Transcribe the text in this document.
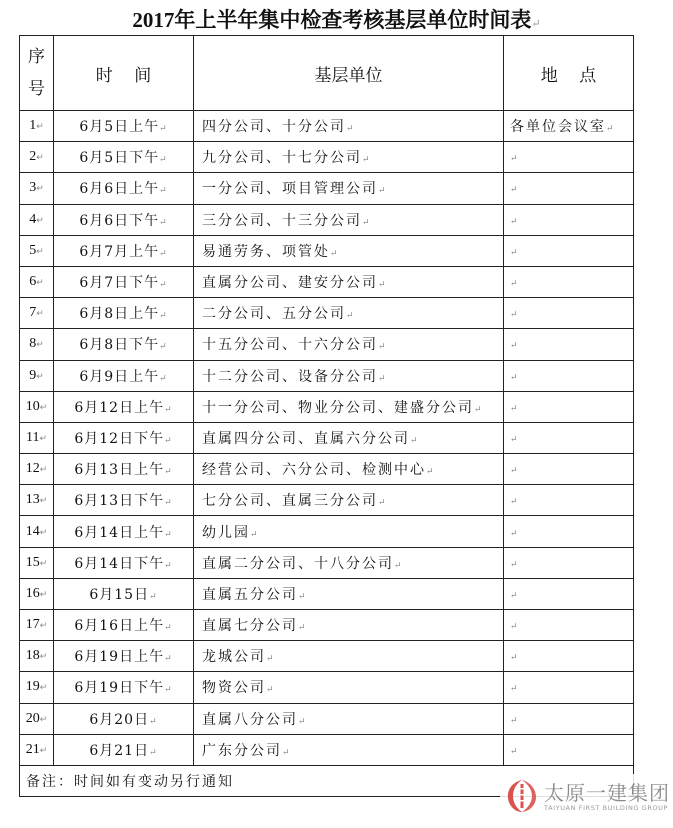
2017年上半年集中检查考核基层单位时间表↵
序
号	时    间	基层单位	地    点
1↵	6月5日上午↵	四分公司、十分公司↵	各单位会议室↵
2↵	6月5日下午↵	九分公司、十七分公司↵	↵
3↵	6月6日上午↵	一分公司、项目管理公司↵	↵
4↵	6月6日下午↵	三分公司、十三分公司↵	↵
5↵	6月7月上午↵	易通劳务、项管处↵	↵
6↵	6月7日下午↵	直属分公司、建安分公司↵	↵
7↵	6月8日上午↵	二分公司、五分公司↵	↵
8↵	6月8日下午↵	十五分公司、十六分公司↵	↵
9↵	6月9日上午↵	十二分公司、设备分公司↵	↵
10↵	6月12日上午↵	十一分公司、物业分公司、建盛分公司↵	↵
11↵	6月12日下午↵	直属四分公司、直属六分公司↵	↵
12↵	6月13日上午↵	经营公司、六分公司、检测中心↵	↵
13↵	6月13日下午↵	七分公司、直属三分公司↵	↵
14↵	6月14日上午↵	幼儿园↵	↵
15↵	6月14日下午↵	直属二分公司、十八分公司↵	↵
16↵	6月15日↵	直属五分公司↵	↵
17↵	6月16日上午↵	直属七分公司↵	↵
18↵	6月19日上午↵	龙城公司↵	↵
19↵	6月19日下午↵	物资公司↵	↵
20↵	6月20日↵	直属八分公司↵	↵
21↵	6月21日↵	广东分公司↵	↵
备注：时间如有变动另行通知				太原一建集团
TAIYUAN FIRST BUILDING GROUP
